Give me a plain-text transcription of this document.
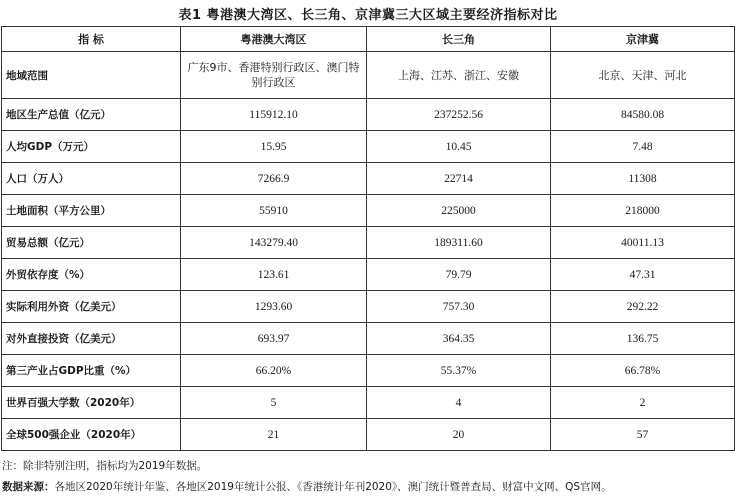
表1 粤港澳大湾区、长三角、京津冀三大区域主要经济指标对比
指 标	粤港澳大湾区	长三角	京津冀
地域范围	广东9市、香港特别行政区、澳门特别行政区	上海、江苏、浙江、安徽	北京、天津、河北
地区生产总值（亿元）	115912.10	237252.56	84580.08
人均GDP（万元）	15.95	10.45	7.48
人口（万人）	7266.9	22714	11308
土地面积（平方公里）	55910	225000	218000
贸易总额（亿元）	143279.40	189311.60	40011.13
外贸依存度（%）	123.61	79.79	47.31
实际利用外资（亿美元）	1293.60	757.30	292.22
对外直接投资（亿美元）	693.97	364.35	136.75
第三产业占GDP比重（%）	66.20%	55.37%	66.78%
世界百强大学数（2020年）	5	4	2
全球500强企业（2020年）	21	20	57
注：除非特别注明，指标均为2019年数据。
数据来源：各地区2020年统计年鉴、各地区2019年统计公报、《香港统计年刊2020》、澳门统计暨普查局、财富中文网、QS官网。
